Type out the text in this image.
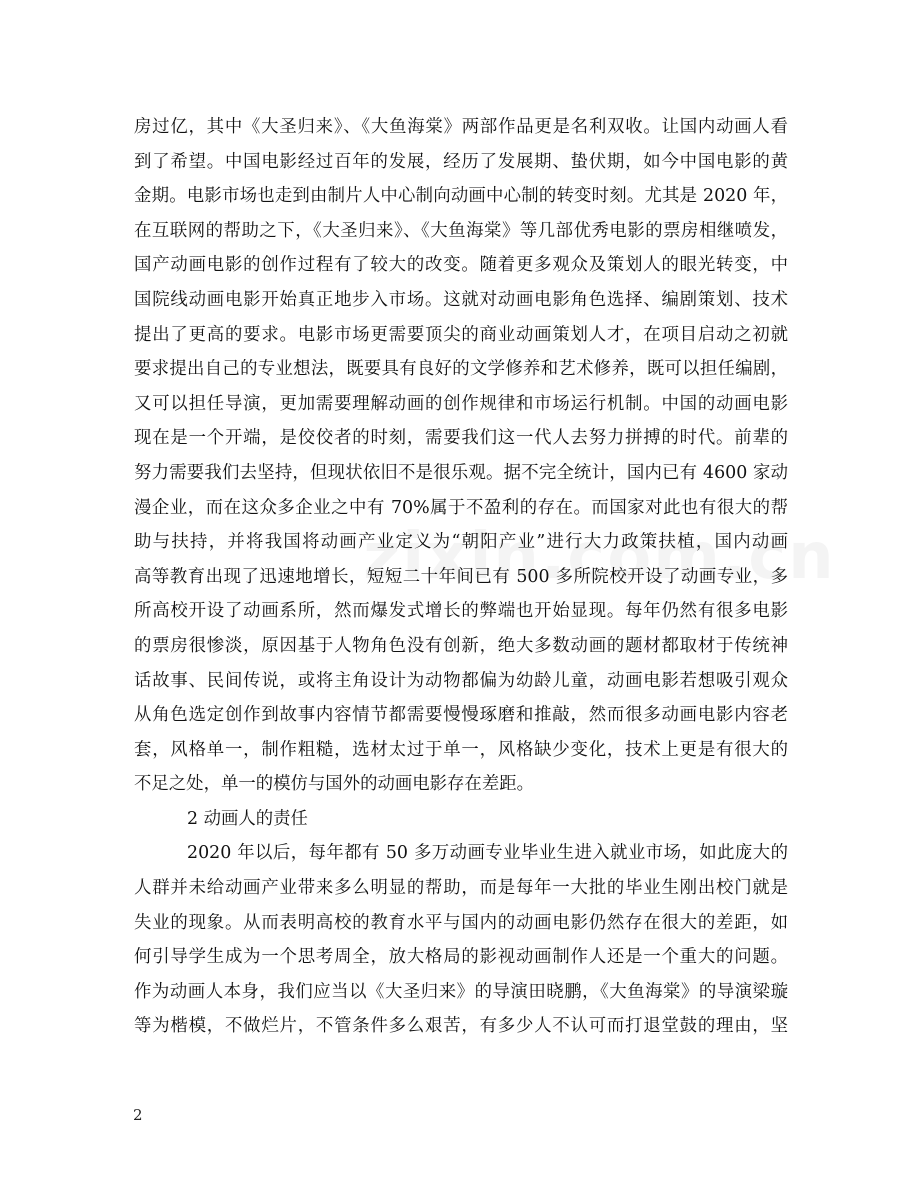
房过亿，其中《大圣归来》、《大鱼海棠》两部作品更是名利双收。让国内动画人看
到了希望。中国电影经过百年的发展，经历了发展期、蛰伏期，如今中国电影的黄
金期。电影市场也走到由制片人中心制向动画中心制的转变时刻。尤其是 2020 年，
在互联网的帮助之下，《大圣归来》、《大鱼海棠》等几部优秀电影的票房相继喷发，
国产动画电影的创作过程有了较大的改变。随着更多观众及策划人的眼光转变，中
国院线动画电影开始真正地步入市场。这就对动画电影角色选择、编剧策划、技术
提出了更高的要求。电影市场更需要顶尖的商业动画策划人才，在项目启动之初就
要求提出自己的专业想法，既要具有良好的文学修养和艺术修养，既可以担任编剧，
又可以担任导演，更加需要理解动画的创作规律和市场运行机制。中国的动画电影
现在是一个开端，是佼佼者的时刻，需要我们这一代人去努力拼搏的时代。前辈的
努力需要我们去坚持，但现状依旧不是很乐观。据不完全统计，国内已有 4600 家动
漫企业，而在这众多企业之中有 70%属于不盈利的存在。而国家对此也有很大的帮
助与扶持，并将我国将动画产业定义为“朝阳产业”进行大力政策扶植，国内动画
高等教育出现了迅速地增长，短短二十年间已有 500 多所院校开设了动画专业，多
所高校开设了动画系所，然而爆发式增长的弊端也开始显现。每年仍然有很多电影
的票房很惨淡，原因基于人物角色没有创新，绝大多数动画的题材都取材于传统神
话故事、民间传说，或将主角设计为动物都偏为幼龄儿童，动画电影若想吸引观众
从角色选定创作到故事内容情节都需要慢慢琢磨和推敲，然而很多动画电影内容老
套，风格单一，制作粗糙，选材太过于单一，风格缺少变化，技术上更是有很大的
不足之处，单一的模仿与国外的动画电影存在差距。
2 动画人的责任
2020 年以后，每年都有 50 多万动画专业毕业生进入就业市场，如此庞大的
人群并未给动画产业带来多么明显的帮助，而是每年一大批的毕业生刚出校门就是
失业的现象。从而表明高校的教育水平与国内的动画电影仍然存在很大的差距，如
何引导学生成为一个思考周全，放大格局的影视动画制作人还是一个重大的问题。
作为动画人本身，我们应当以《大圣归来》的导演田晓鹏，《大鱼海棠》的导演梁璇
等为楷模，不做烂片，不管条件多么艰苦，有多少人不认可而打退堂鼓的理由，坚
2
